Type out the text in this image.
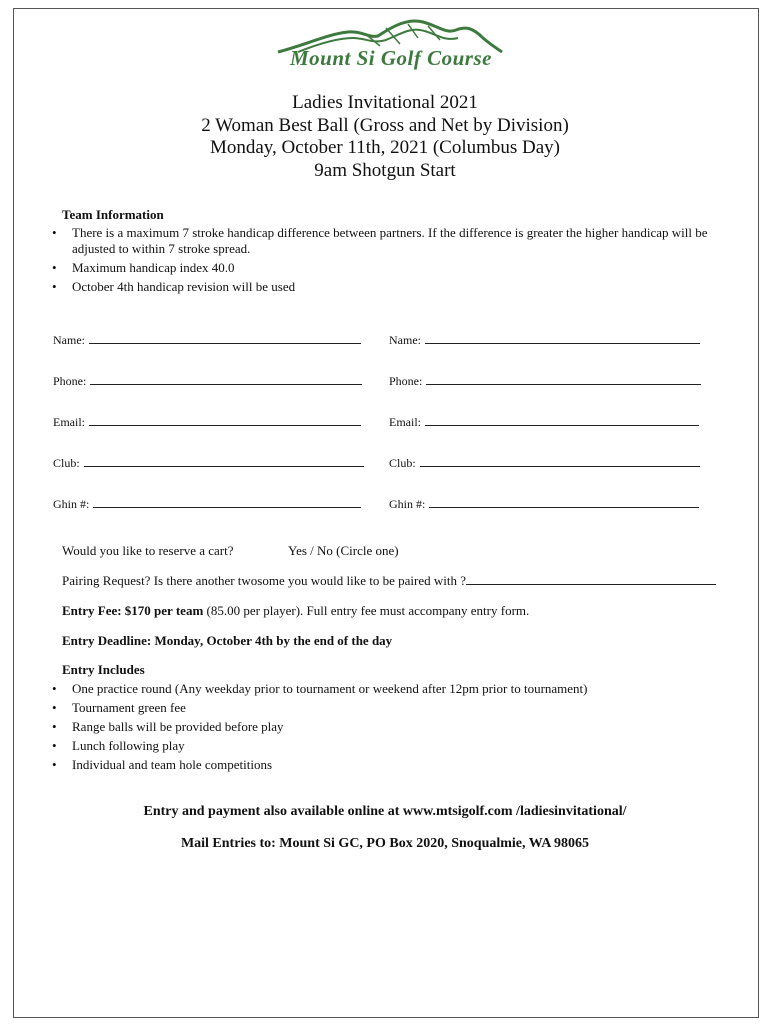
Mount Si Golf Course
Ladies Invitational 2021
2 Woman Best Ball (Gross and Net by Division)
Monday, October 11th, 2021 (Columbus Day)
9am Shotgun Start
Team Information
• There is a maximum 7 stroke handicap difference between partners. If the difference is greater the higher handicap will be adjusted to within 7 stroke spread.
• Maximum handicap index 40.0
• October 4th handicap revision will be used
Name:
Phone:
Email:
Club:
Ghin #:
Name:
Phone:
Email:
Club:
Ghin #:
Would you like to reserve a cart?	Yes / No (Circle one)
Pairing Request? Is there another twosome you would like to be paired with ?
Entry Fee: $170 per team (85.00 per player). Full entry fee must accompany entry form.
Entry Deadline: Monday, October 4th by the end of the day
Entry Includes
• One practice round (Any weekday prior to tournament or weekend after 12pm prior to tournament)
• Tournament green fee
• Range balls will be provided before play
• Lunch following play
• Individual and team hole competitions
Entry and payment also available online at www.mtsigolf.com /ladiesinvitational/
Mail Entries to: Mount Si GC, PO Box 2020, Snoqualmie, WA 98065
